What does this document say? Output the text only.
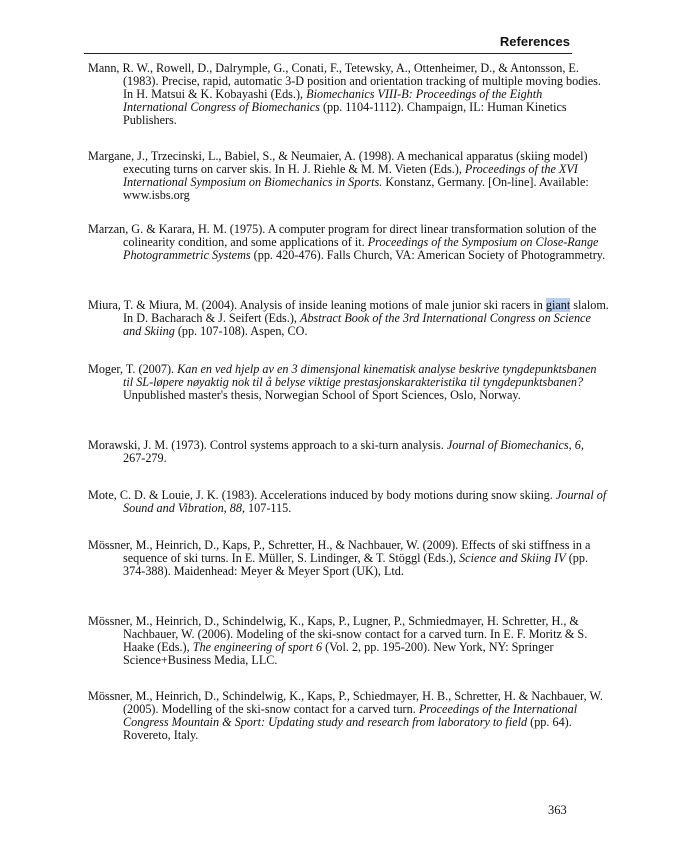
References
Mann, R. W., Rowell, D., Dalrymple, G., Conati, F., Tetewsky, A., Ottenheimer, D., & Antonsson, E. (1983). Precise, rapid, automatic 3-D position and orientation tracking of multiple moving bodies. In H. Matsui & K. Kobayashi (Eds.), Biomechanics VIII-B: Proceedings of the Eighth International Congress of Biomechanics (pp. 1104-1112). Champaign, IL: Human Kinetics Publishers.
Margane, J., Trzecinski, L., Babiel, S., & Neumaier, A. (1998). A mechanical apparatus (skiing model) executing turns on carver skis. In H. J. Riehle & M. M. Vieten (Eds.), Proceedings of the XVI International Symposium on Biomechanics in Sports. Konstanz, Germany. [On-line]. Available: www.isbs.org
Marzan, G. & Karara, H. M. (1975). A computer program for direct linear transformation solution of the colinearity condition, and some applications of it. Proceedings of the Symposium on Close-Range Photogrammetric Systems (pp. 420-476). Falls Church, VA: American Society of Photogrammetry.
Miura, T. & Miura, M. (2004). Analysis of inside leaning motions of male junior ski racers in giant slalom. In D. Bacharach & J. Seifert (Eds.), Abstract Book of the 3rd International Congress on Science and Skiing (pp. 107-108). Aspen, CO.
Moger, T. (2007). Kan en ved hjelp av en 3 dimensjonal kinematisk analyse beskrive tyngdepunktsbanen til SL-løpere nøyaktig nok til å belyse viktige prestasjonskarakteristika til tyngdepunktsbanen? Unpublished master's thesis, Norwegian School of Sport Sciences, Oslo, Norway.
Morawski, J. M. (1973). Control systems approach to a ski-turn analysis. Journal of Biomechanics, 6, 267-279.
Mote, C. D. & Louie, J. K. (1983). Accelerations induced by body motions during snow skiing. Journal of Sound and Vibration, 88, 107-115.
Mössner, M., Heinrich, D., Kaps, P., Schretter, H., & Nachbauer, W. (2009). Effects of ski stiffness in a sequence of ski turns. In E. Müller, S. Lindinger, & T. Stöggl (Eds.), Science and Skiing IV (pp. 374-388). Maidenhead: Meyer & Meyer Sport (UK), Ltd.
Mössner, M., Heinrich, D., Schindelwig, K., Kaps, P., Lugner, P., Schmiedmayer, H. Schretter, H., & Nachbauer, W. (2006). Modeling of the ski-snow contact for a carved turn. In E. F. Moritz & S. Haake (Eds.), The engineering of sport 6 (Vol. 2, pp. 195-200). New York, NY: Springer Science+Business Media, LLC.
Mössner, M., Heinrich, D., Schindelwig, K., Kaps, P., Schiedmayer, H. B., Schretter, H. & Nachbauer, W. (2005). Modelling of the ski-snow contact for a carved turn. Proceedings of the International Congress Mountain & Sport: Updating study and research from laboratory to field (pp. 64). Rovereto, Italy.
363
